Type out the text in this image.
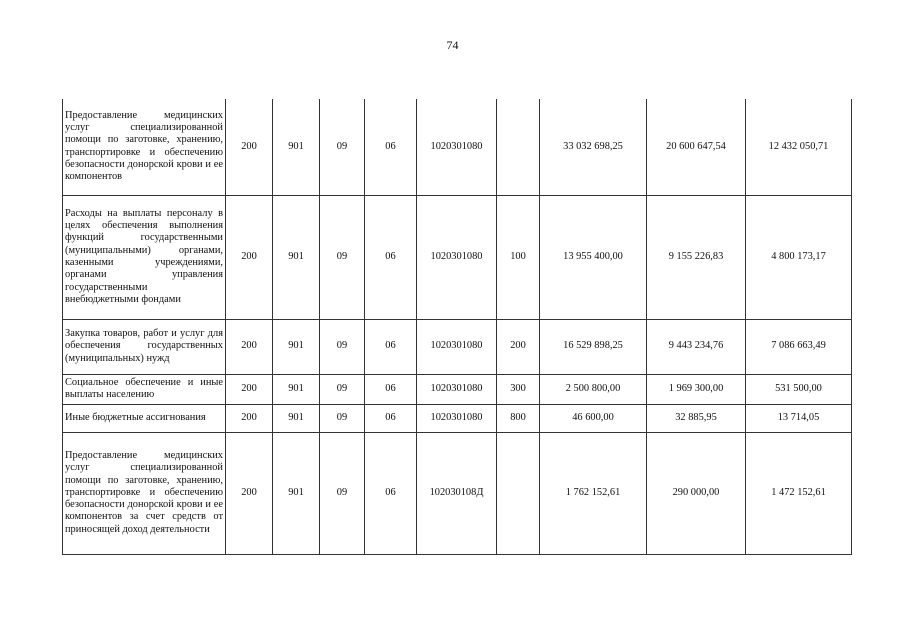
74
Предоставление медицинских услуг специализированной помощи по заготовке, хранению, транспортировке и обеспечению безопасности донорской крови и ее компонентов	200	901	09	06	1020301080		33 032 698,25	20 600 647,54	12 432 050,71
Расходы на выплаты персоналу в целях обеспечения выполнения функций государственными (муниципальными) органами, казенными учреждениями, органами управления государственными внебюджетными фондами	200	901	09	06	1020301080	100	13 955 400,00	9 155 226,83	4 800 173,17
Закупка товаров, работ и услуг для обеспечения государственных (муниципальных) нужд	200	901	09	06	1020301080	200	16 529 898,25	9 443 234,76	7 086 663,49
Социальное обеспечение и иные выплаты населению	200	901	09	06	1020301080	300	2 500 800,00	1 969 300,00	531 500,00
Иные бюджетные ассигнования	200	901	09	06	1020301080	800	46 600,00	32 885,95	13 714,05
Предоставление медицинских услуг специализированной помощи по заготовке, хранению, транспортировке и обеспечению безопасности донорской крови и ее компонентов за счет средств от приносящей доход деятельности	200	901	09	06	102030108Д		1 762 152,61	290 000,00	1 472 152,61
